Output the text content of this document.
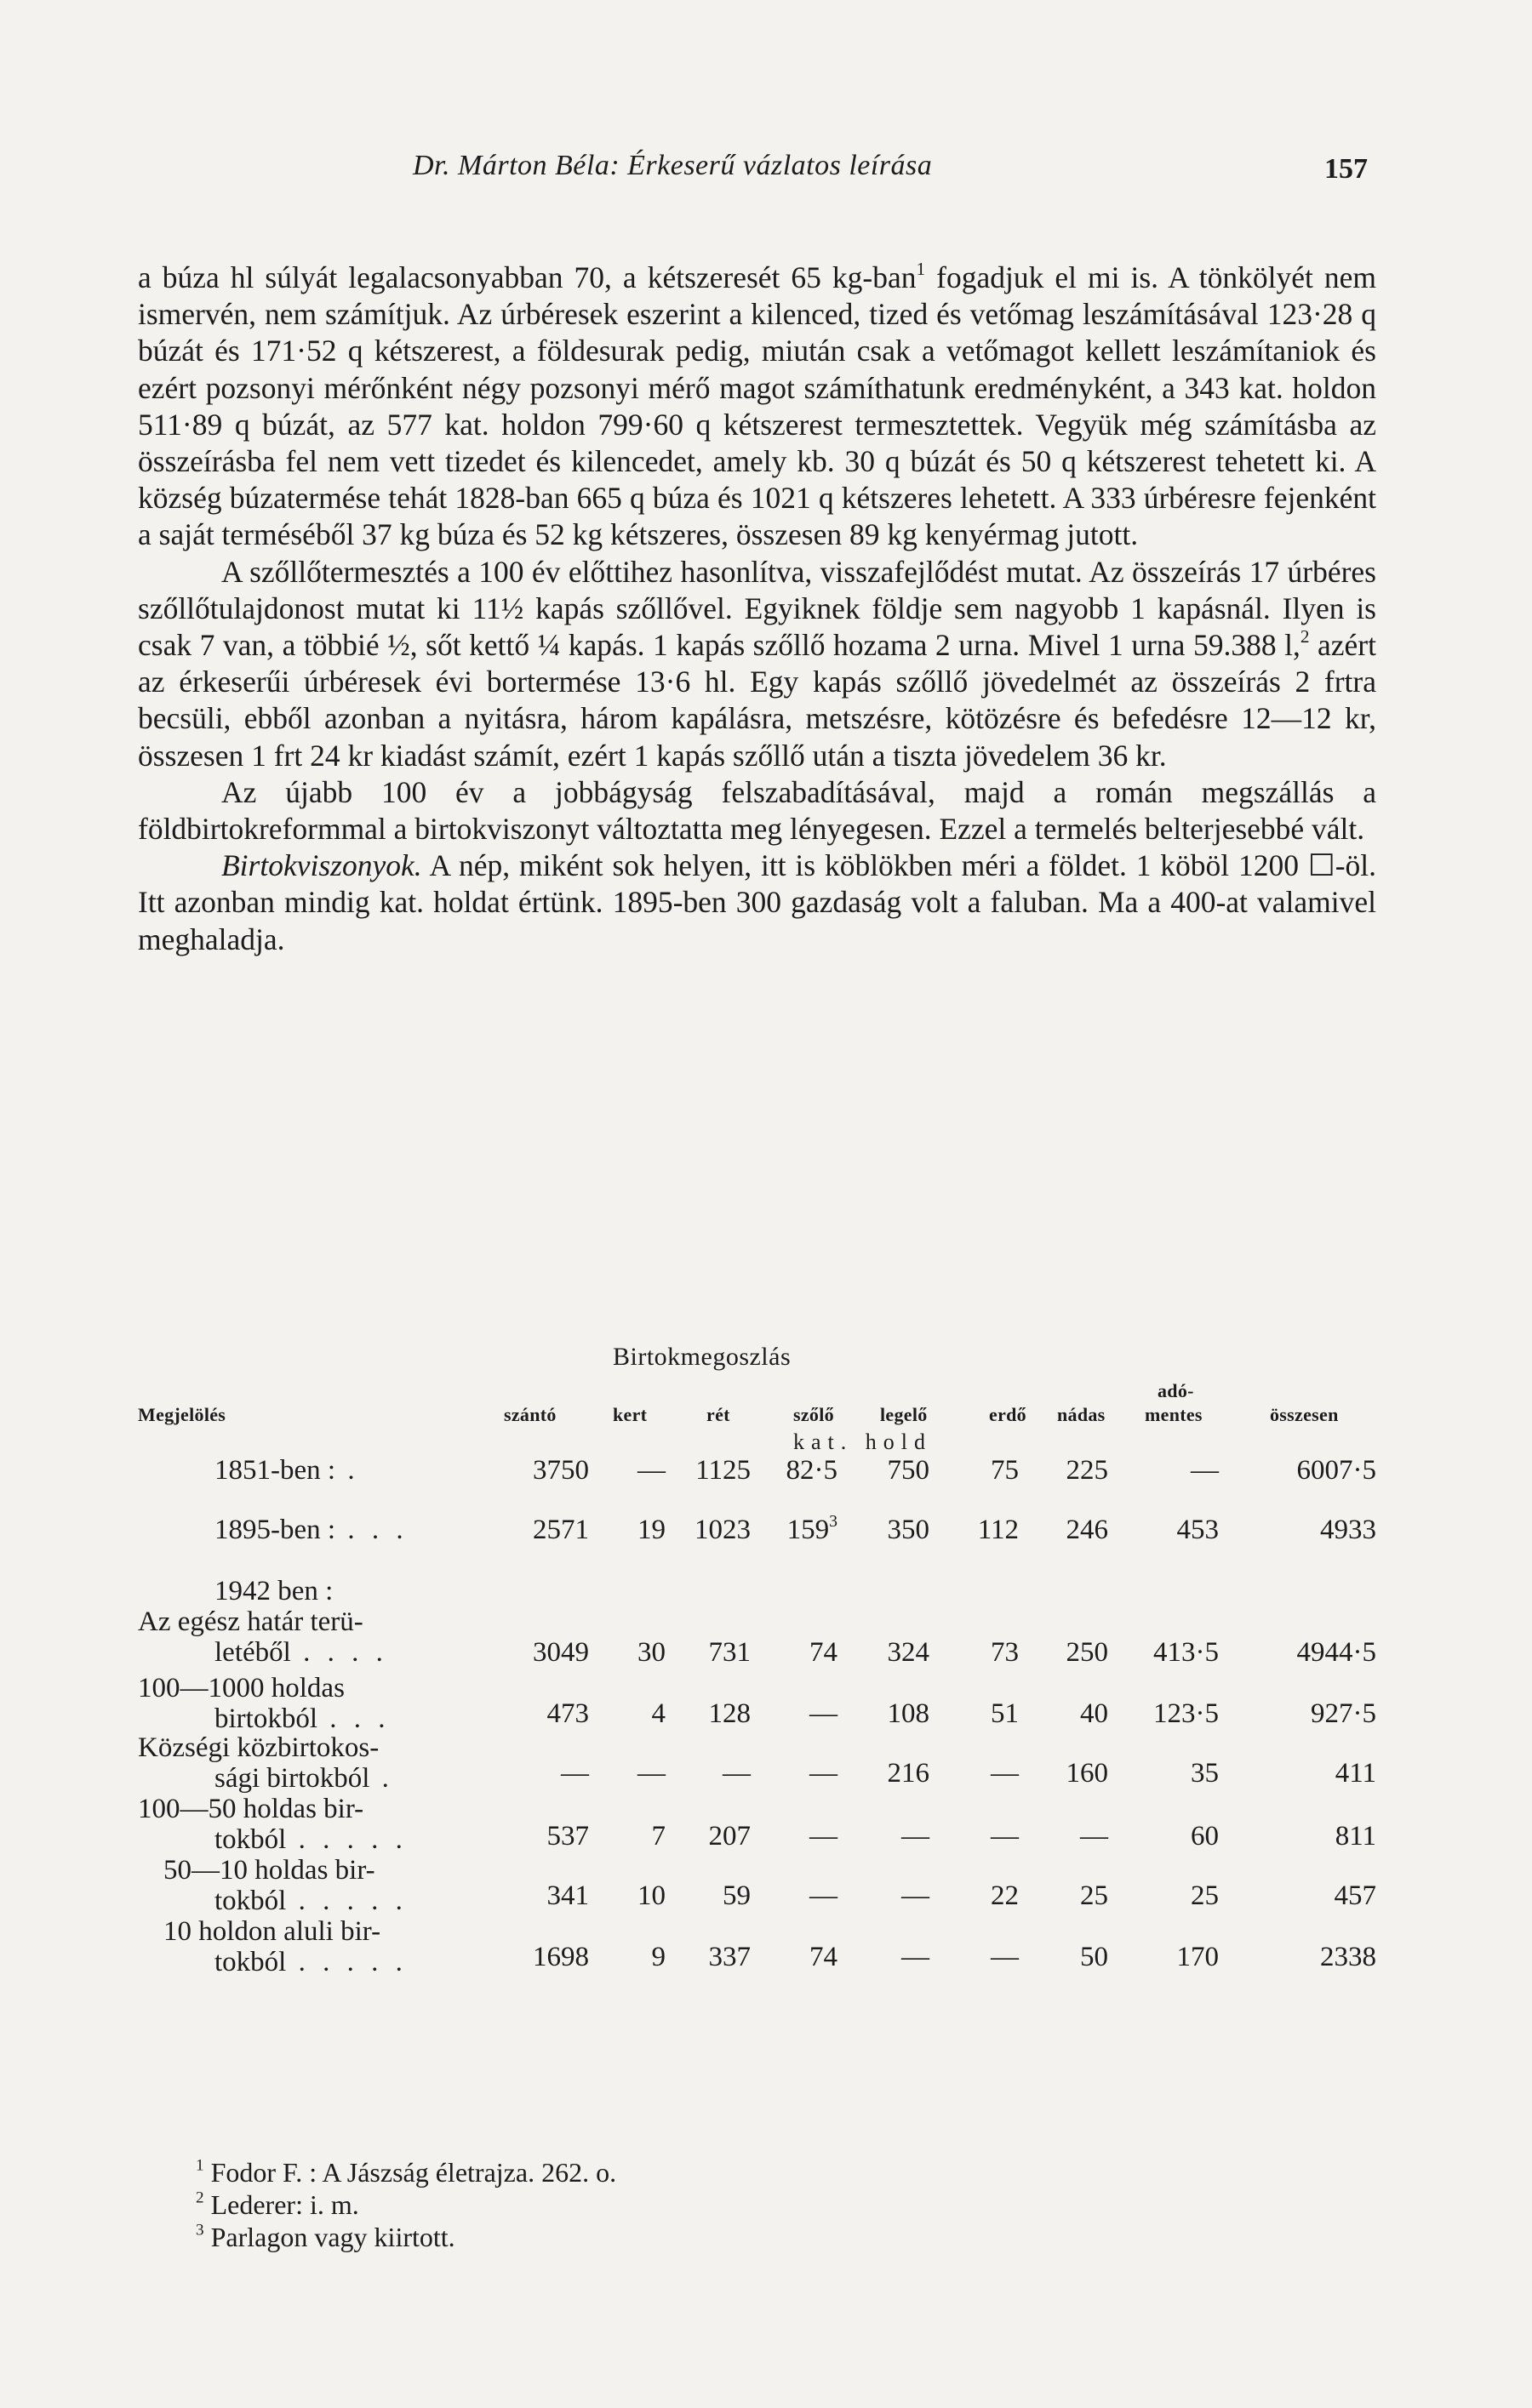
Dr. Márton Béla: Érkeserű vázlatos leírása	157

a búza hl súlyát legalacsonyabban 70, a kétszeresét 65 kg-ban$^1$ fogadjuk el mi is. A tönkölyét nem ismervén, nem számítjuk. Az úrbéresek eszerint a kilenced, tized és vetőmag leszámításával 123·28 q búzát és 171·52 q kétszerest, a földesurak pedig, miután csak a vetőmagot kellett leszámítaniok és ezért pozsonyi mérőnként négy pozsonyi mérő magot számíthatunk eredményként, a 343 kat. holdon 511·89 q búzát, az 577 kat. holdon 799·60 q kétszerest termesztettek. Vegyük még számításba az összeírásba fel nem vett tizedet és kilencedet, amely kb. 30 q búzát és 50 q kétszerest tehetett ki. A község búzatermése tehát 1828-ban 665 q búza és 1021 q kétszeres lehetett. A 333 úrbéresre fejenként a saját terméséből 37 kg búza és 52 kg kétszeres, összesen 89 kg kenyérmag jutott.

A szőllőtermesztés a 100 év előttihez hasonlítva, visszafejlődést mutat. Az összeírás 17 úrbéres szőllőtulajdonost mutat ki 11½ kapás szőllővel. Egyiknek földje sem nagyobb 1 kapásnál. Ilyen is csak 7 van, a többié ½, sőt kettő ¼ kapás. 1 kapás szőllő hozama 2 urna. Mivel 1 urna 59.388 l,$^2$ azért az érkeserűi úrbéresek évi bortermése 13·6 hl. Egy kapás szőllő jövedelmét az összeírás 2 frtra becsüli, ebből azonban a nyitásra, három kapálásra, metszésre, kötözésre és befedésre 12—12 kr, összesen 1 frt 24 kr kiadást számít, ezért 1 kapás szőllő után a tiszta jövedelem 36 kr.

Az újabb 100 év a jobbágyság felszabadításával, majd a román megszállás a földbirtokreformmal a birtokviszonyt változtatta meg lényegesen. Ezzel a termelés belterjesebbé vált.

Birtokviszonyok. A nép, miként sok helyen, itt is köblökben méri a földet. 1 köböl 1200 ☐-öl. Itt azonban mindig kat. holdat értünk. 1895-ben 300 gazdaság volt a faluban. Ma a 400-at valamivel meghaladja.

Birtokmegoszlás
Megjelölés	szántó	kert	rét	szőlő legelő	erdő nádas
adó-
mentes	összesen
kat. hold
1851-ben : .	3750 — 1125 82·5 750 75 225	—	6007·5
1895-ben : . . .	2571 19 1023 $159^3$ 350 112 246 453	4933
1942 ben :
Az egész határ terü-
letéből . . . .	3049 30 731 74 324 73 250 413·5	4944·5
100—1000 holdas
birtokból . . .	473 4 128 — 108 51 40 123·5	927·5
Községi közbirtokos-
sági birtokból .	— — — — 216 — 160	35	411
100—50 holdas bir-
tokból . . . . .	537 7 207 — — — —	60	811
50—10 holdas bir-
tokból . . . . .	341 10 59 — — 22 25	25	457
10 holdon aluli bir-
tokból . . . . .	1698 9 337 74 — — 50 170	2338
$^1$ Fodor F. : A Jászság életrajza. 262. o.
$^2$ Lederer: i. m.
$^3$ Parlagon vagy kiirtott.
